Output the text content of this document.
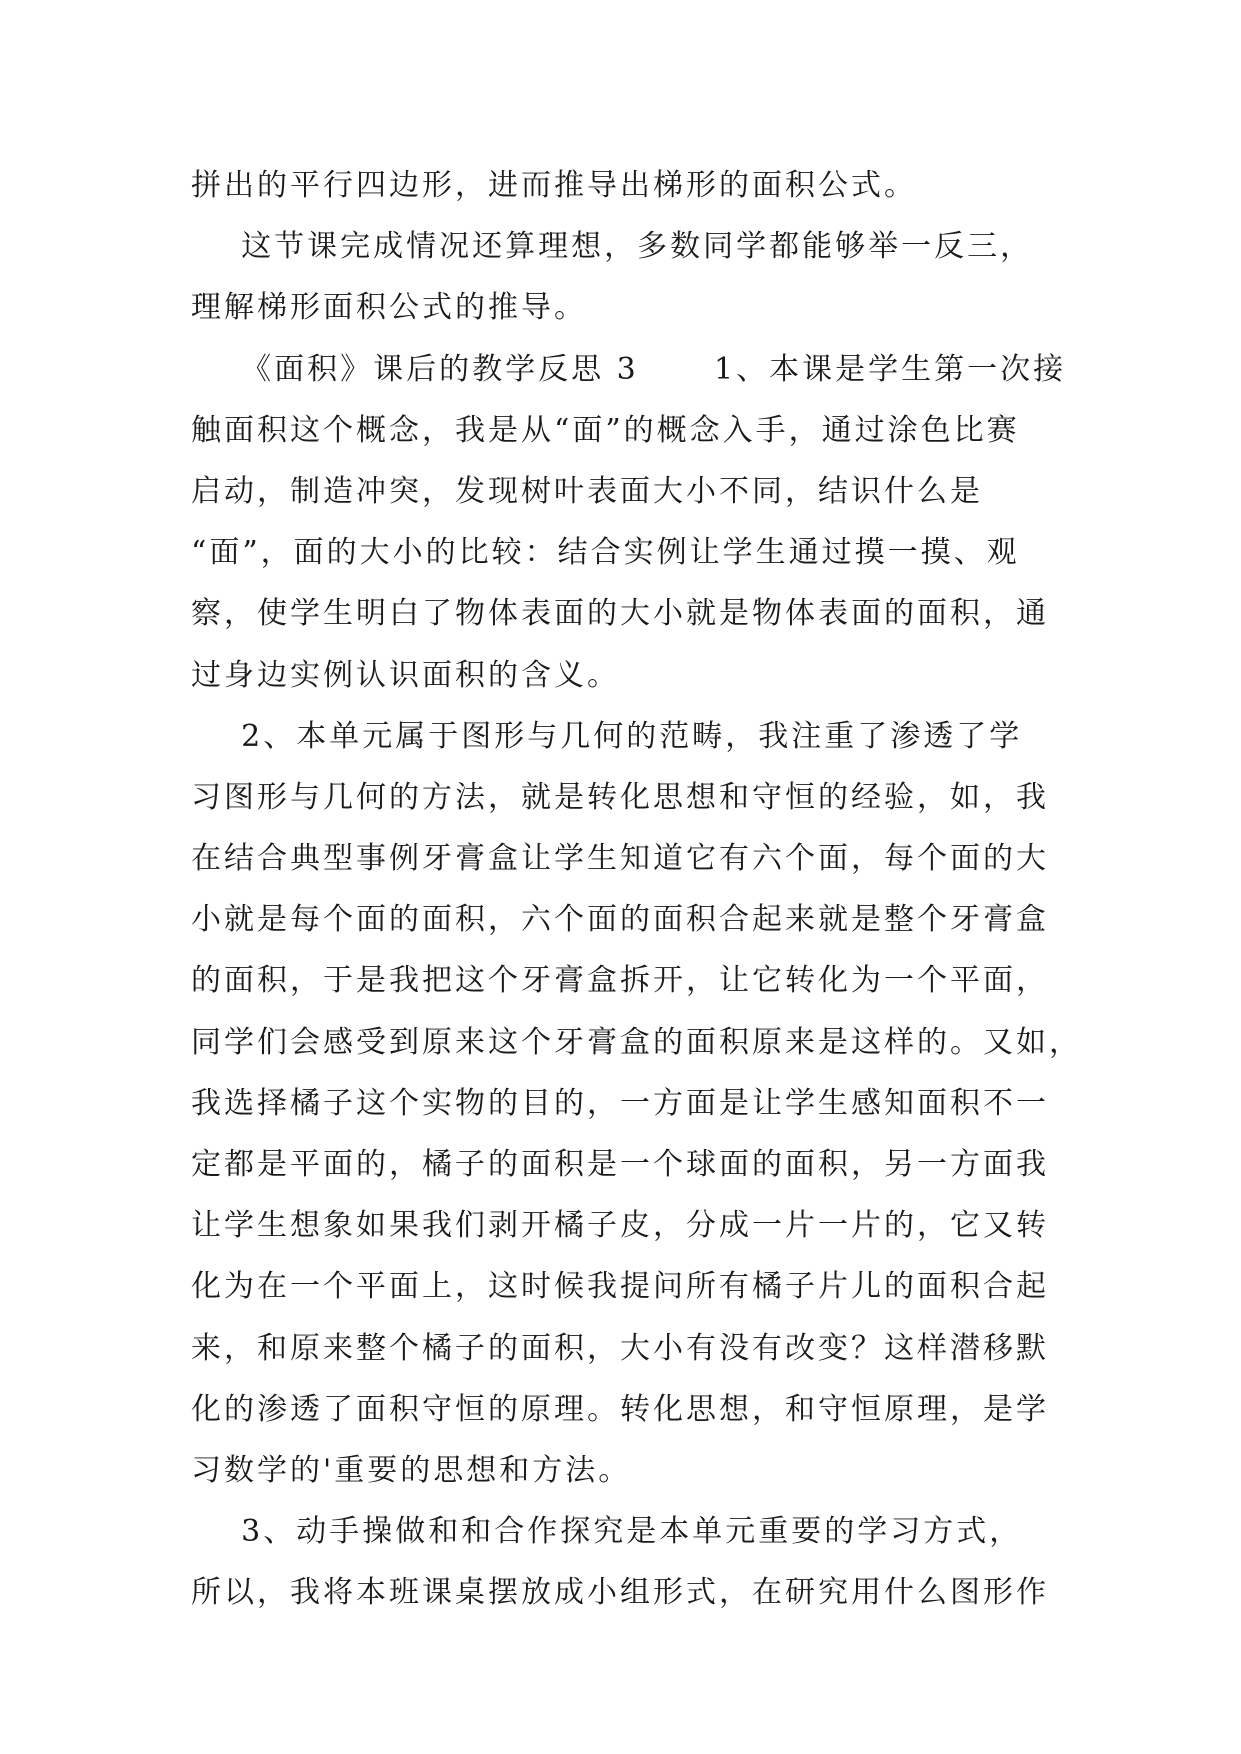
拼出的平行四边形，进而推导出梯形的面积公式。
这节课完成情况还算理想，多数同学都能够举一反三，
理解梯形面积公式的推导。
《面积》课后的教学反思 3      1、本课是学生第一次接
触面积这个概念，我是从“面”的概念入手，通过涂色比赛
启动，制造冲突，发现树叶表面大小不同，结识什么是
“面”，面的大小的比较：结合实例让学生通过摸一摸、观
察，使学生明白了物体表面的大小就是物体表面的面积，通
过身边实例认识面积的含义。
2、本单元属于图形与几何的范畴，我注重了渗透了学
习图形与几何的方法，就是转化思想和守恒的经验，如，我
在结合典型事例牙膏盒让学生知道它有六个面，每个面的大
小就是每个面的面积，六个面的面积合起来就是整个牙膏盒
的面积，于是我把这个牙膏盒拆开，让它转化为一个平面，
同学们会感受到原来这个牙膏盒的面积原来是这样的。又如，
我选择橘子这个实物的目的，一方面是让学生感知面积不一
定都是平面的，橘子的面积是一个球面的面积，另一方面我
让学生想象如果我们剥开橘子皮，分成一片一片的，它又转
化为在一个平面上，这时候我提问所有橘子片儿的面积合起
来，和原来整个橘子的面积，大小有没有改变？这样潜移默
化的渗透了面积守恒的原理。转化思想，和守恒原理，是学
习数学的'重要的思想和方法。
3、动手操做和和合作探究是本单元重要的学习方式，
所以，我将本班课桌摆放成小组形式，在研究用什么图形作
